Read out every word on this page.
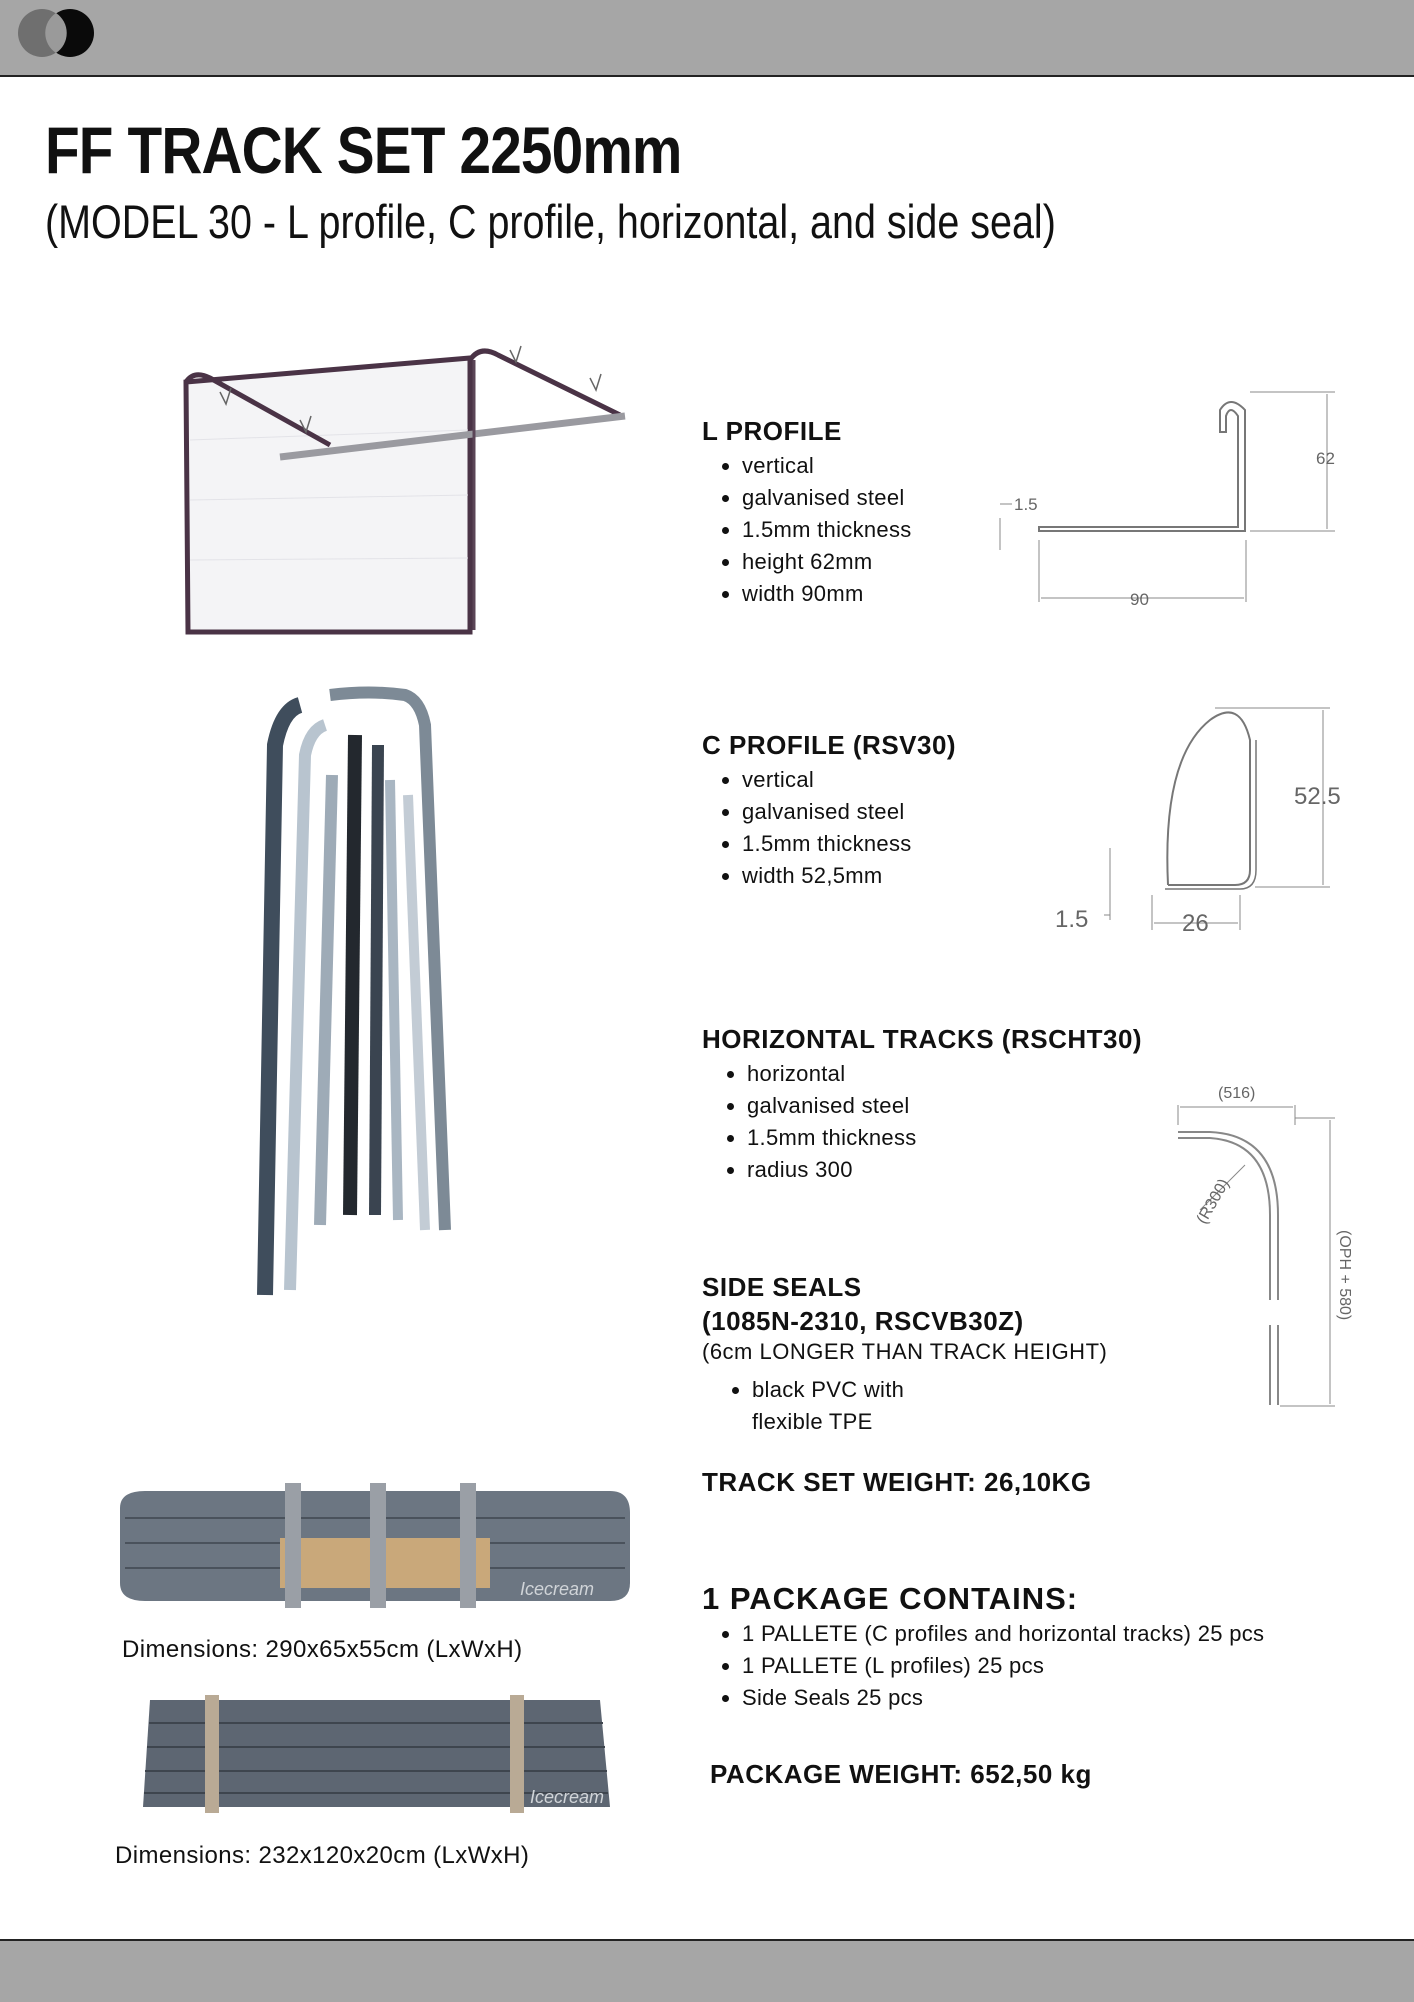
FF TRACK SET 2250mm
(MODEL 30 - L profile, C profile, horizontal, and side seal)
Icecream
Dimensions: 290x65x55cm (LxWxH)
Icecream
Dimensions: 232x120x20cm (LxWxH)
L PROFILE
• vertical
• galvanised steel
• 1.5mm thickness
• height 62mm
• width 90mm
62
90
1.5
C PROFILE (RSV30)
• vertical
• galvanised steel
• 1.5mm thickness
• width 52,5mm
52.5
1.5	26
HORIZONTAL TRACKS (RSCHT30)
• horizontal
• galvanised steel
• 1.5mm thickness
• radius 300
(516)
(OPH + 580)
(R300)
SIDE SEALS
(1085N-2310, RSCVB30Z)
(6cm LONGER THAN TRACK HEIGHT)
• black PVC with flexible TPE
TRACK SET WEIGHT: 26,10KG
1 PACKAGE CONTAINS:
• 1 PALLETE (C profiles and horizontal tracks) 25 pcs
• 1 PALLETE (L profiles) 25 pcs
• Side Seals 25 pcs
PACKAGE WEIGHT: 652,50 kg
